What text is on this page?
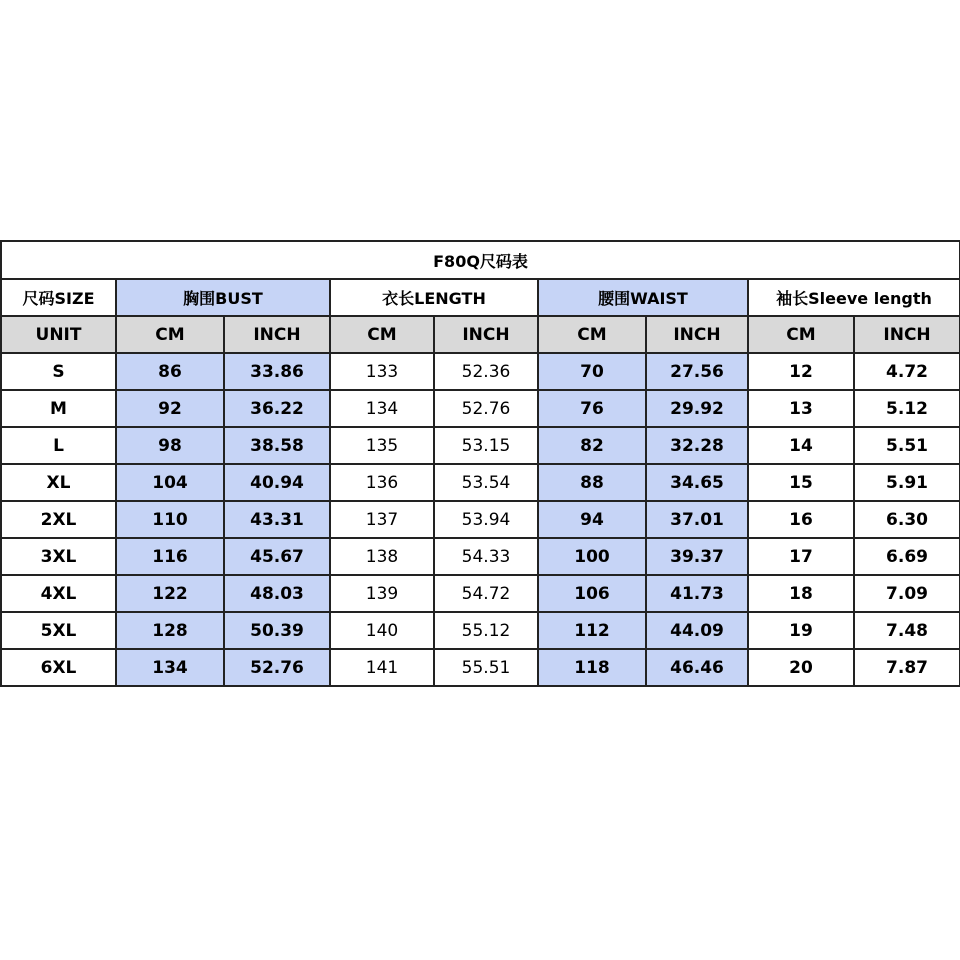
F80Q尺码表								
尺码SIZE	胸围BUST		衣长LENGTH		腰围WAIST		袖长Sleeve length	
UNIT	CM	INCH	CM	INCH	CM	INCH	CM	INCH
S	86	33.86	133	52.36	70	27.56	12	4.72
M	92	36.22	134	52.76	76	29.92	13	5.12
L	98	38.58	135	53.15	82	32.28	14	5.51
XL	104	40.94	136	53.54	88	34.65	15	5.91
2XL	110	43.31	137	53.94	94	37.01	16	6.30
3XL	116	45.67	138	54.33	100	39.37	17	6.69
4XL	122	48.03	139	54.72	106	41.73	18	7.09
5XL	128	50.39	140	55.12	112	44.09	19	7.48
6XL	134	52.76	141	55.51	118	46.46	20	7.87
